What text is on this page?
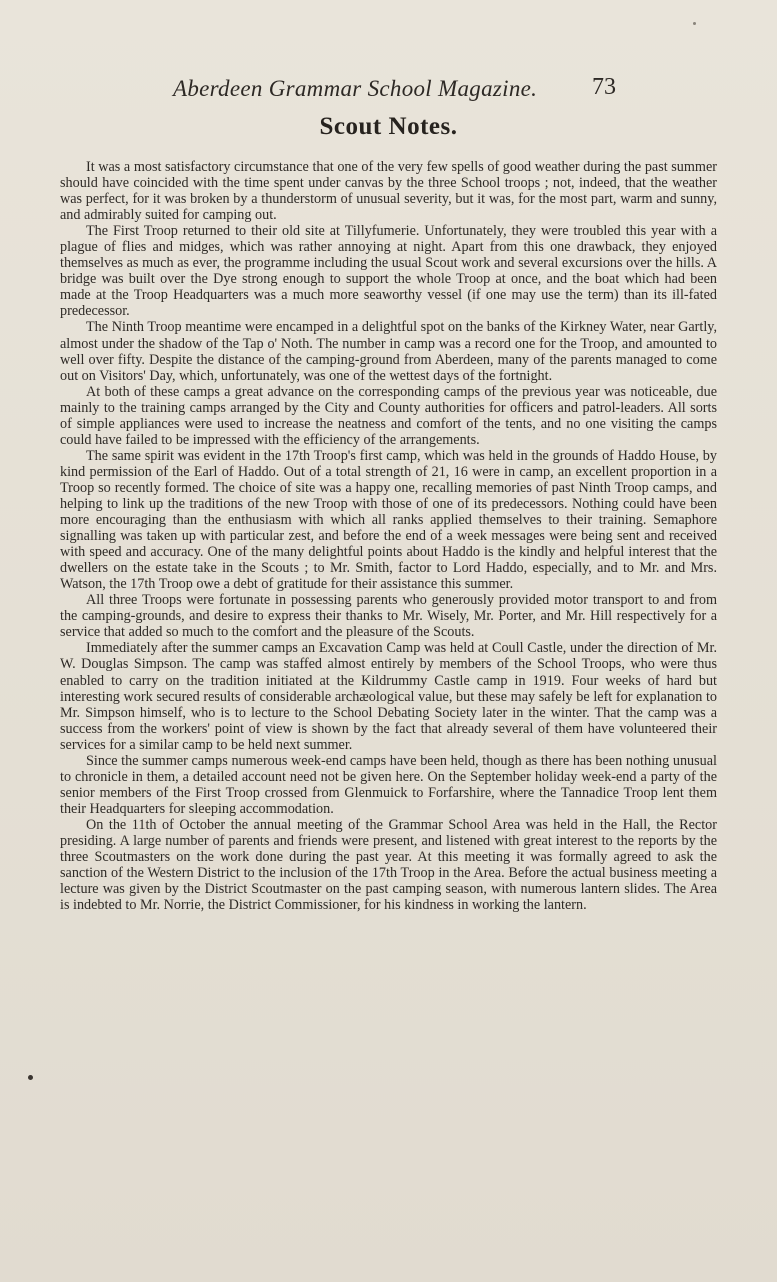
Aberdeen Grammar School Magazine. 73
Scout Notes.

It was a most satisfactory circumstance that one of the very few spells of good weather during the past summer should have coincided with the time spent under canvas by the three School troops ; not, indeed, that the weather was perfect, for it was broken by a thunderstorm of unusual severity, but it was, for the most part, warm and sunny, and admirably suited for camping out.

The First Troop returned to their old site at Tillyfumerie. Unfortunately, they were troubled this year with a plague of flies and midges, which was rather annoying at night. Apart from this one drawback, they enjoyed themselves as much as ever, the programme including the usual Scout work and several excursions over the hills. A bridge was built over the Dye strong enough to support the whole Troop at once, and the boat which had been made at the Troop Headquarters was a much more seaworthy vessel (if one may use the term) than its ill-fated predecessor.

The Ninth Troop meantime were encamped in a delightful spot on the banks of the Kirkney Water, near Gartly, almost under the shadow of the Tap o' Noth. The number in camp was a record one for the Troop, and amounted to well over fifty. Despite the distance of the camping-ground from Aberdeen, many of the parents managed to come out on Visitors' Day, which, unfortunately, was one of the wettest days of the fortnight.

At both of these camps a great advance on the corresponding camps of the previous year was noticeable, due mainly to the training camps arranged by the City and County authorities for officers and patrol-leaders. All sorts of simple appliances were used to increase the neatness and comfort of the tents, and no one visiting the camps could have failed to be impressed with the efficiency of the arrangements.

The same spirit was evident in the 17th Troop's first camp, which was held in the grounds of Haddo House, by kind permission of the Earl of Haddo. Out of a total strength of 21, 16 were in camp, an excellent proportion in a Troop so recently formed. The choice of site was a happy one, recalling memories of past Ninth Troop camps, and helping to link up the traditions of the new Troop with those of one of its predecessors. Nothing could have been more encouraging than the enthusiasm with which all ranks applied themselves to their training. Semaphore signalling was taken up with particular zest, and before the end of a week messages were being sent and received with speed and accuracy. One of the many delightful points about Haddo is the kindly and helpful interest that the dwellers on the estate take in the Scouts ; to Mr. Smith, factor to Lord Haddo, especially, and to Mr. and Mrs. Watson, the 17th Troop owe a debt of gratitude for their assistance this summer.

All three Troops were fortunate in possessing parents who generously provided motor transport to and from the camping-grounds, and desire to express their thanks to Mr. Wisely, Mr. Porter, and Mr. Hill respectively for a service that added so much to the comfort and the pleasure of the Scouts.

Immediately after the summer camps an Excavation Camp was held at Coull Castle, under the direction of Mr. W. Douglas Simpson. The camp was staffed almost entirely by members of the School Troops, who were thus enabled to carry on the tradition initiated at the Kildrummy Castle camp in 1919. Four weeks of hard but interesting work secured results of considerable archæological value, but these may safely be left for explanation to Mr. Simpson himself, who is to lecture to the School Debating Society later in the winter. That the camp was a success from the workers' point of view is shown by the fact that already several of them have volunteered their services for a similar camp to be held next summer.

Since the summer camps numerous week-end camps have been held, though as there has been nothing unusual to chronicle in them, a detailed account need not be given here. On the September holiday week-end a party of the senior members of the First Troop crossed from Glenmuick to Forfarshire, where the Tannadice Troop lent them their Headquarters for sleeping accommodation.

On the 11th of October the annual meeting of the Grammar School Area was held in the Hall, the Rector presiding. A large number of parents and friends were present, and listened with great interest to the reports by the three Scoutmasters on the work done during the past year. At this meeting it was formally agreed to ask the sanction of the Western District to the inclusion of the 17th Troop in the Area. Before the actual business meeting a lecture was given by the District Scoutmaster on the past camping season, with numerous lantern slides. The Area is indebted to Mr. Norrie, the District Commissioner, for his kindness in working the lantern.
